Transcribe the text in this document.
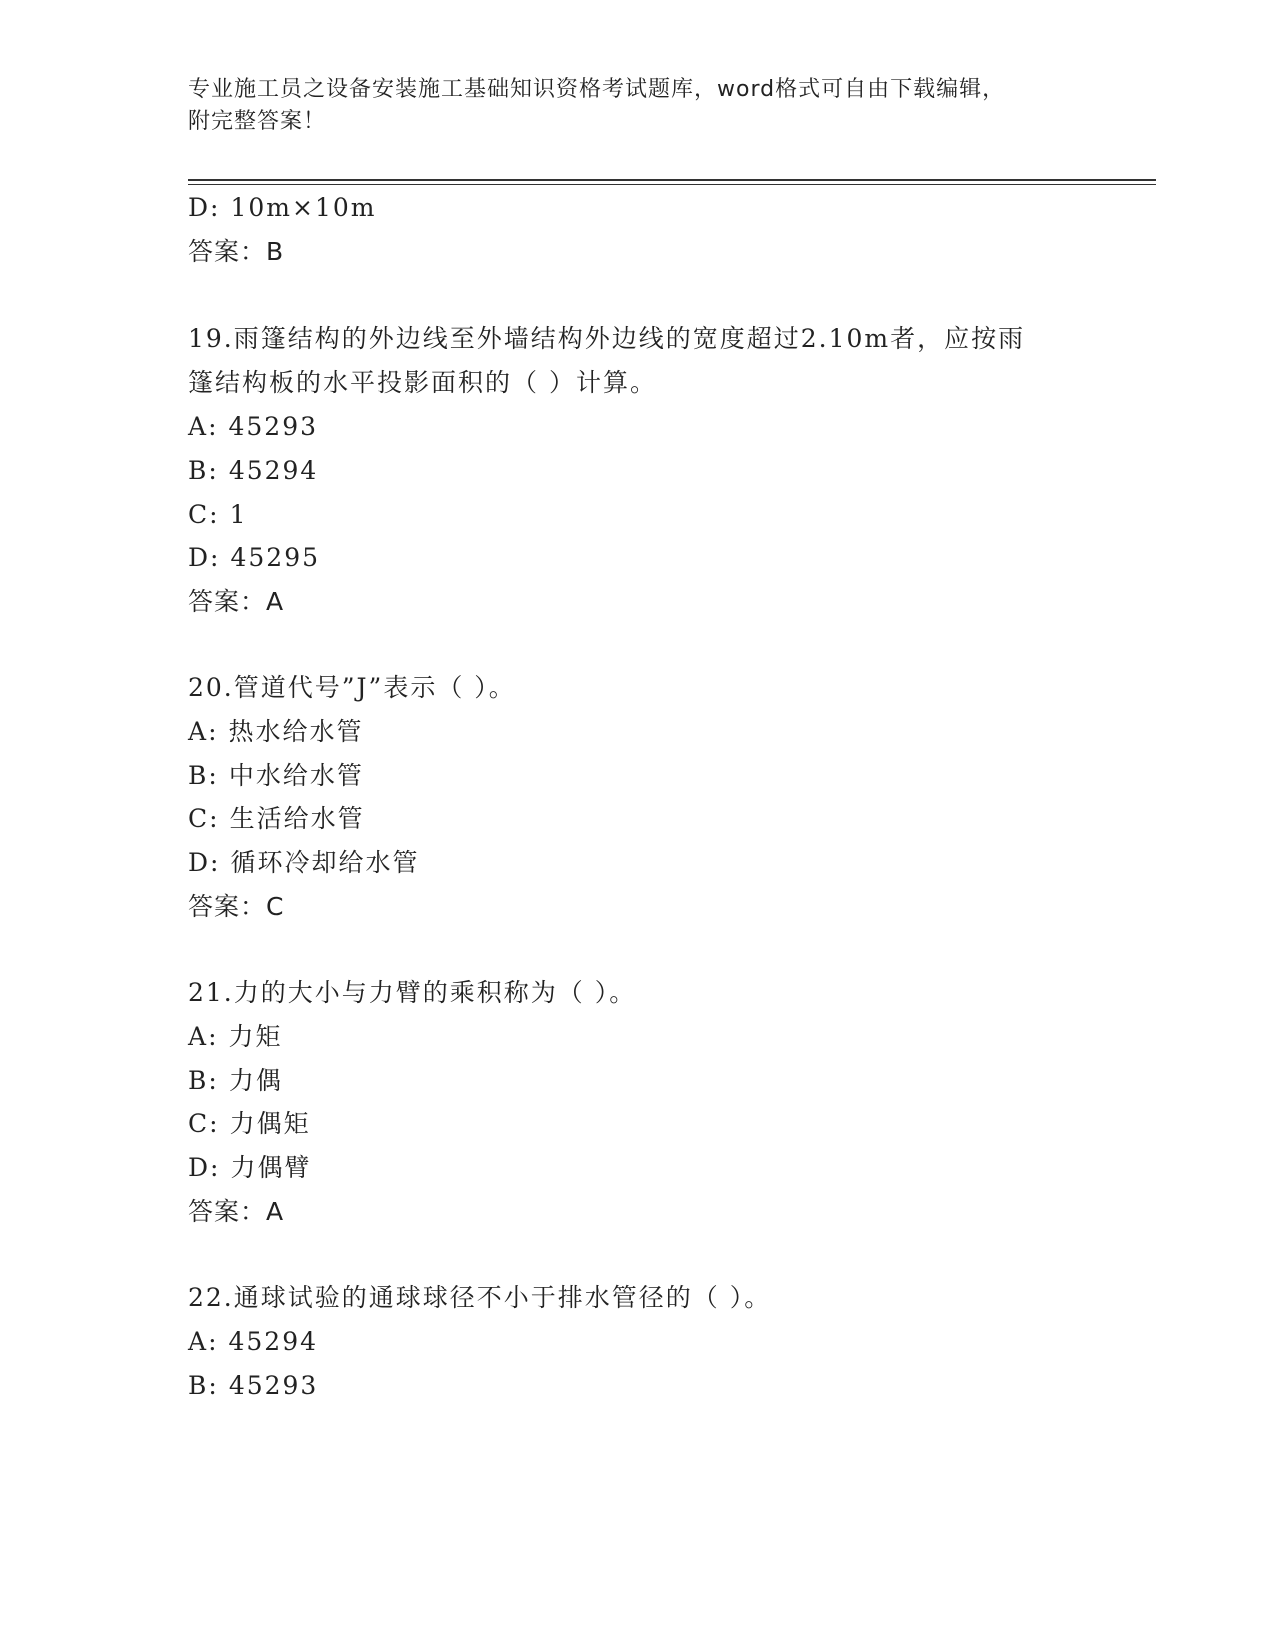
专业施工员之设备安装施工基础知识资格考试题库，word格式可自由下载编辑，
附完整答案！
D: 10m×10m
答案：B
19.雨篷结构的外边线至外墙结构外边线的宽度超过2.10m者，应按雨
篷结构板的水平投影面积的（ ）计算。
A: 45293
B: 45294
C: 1
D: 45295
答案：A
20.管道代号”J”表示（ ）。
A: 热水给水管
B: 中水给水管
C: 生活给水管
D: 循环冷却给水管
答案：C
21.力的大小与力臂的乘积称为（ ）。
A: 力矩
B: 力偶
C: 力偶矩
D: 力偶臂
答案：A
22.通球试验的通球球径不小于排水管径的（ ）。
A: 45294
B: 45293
